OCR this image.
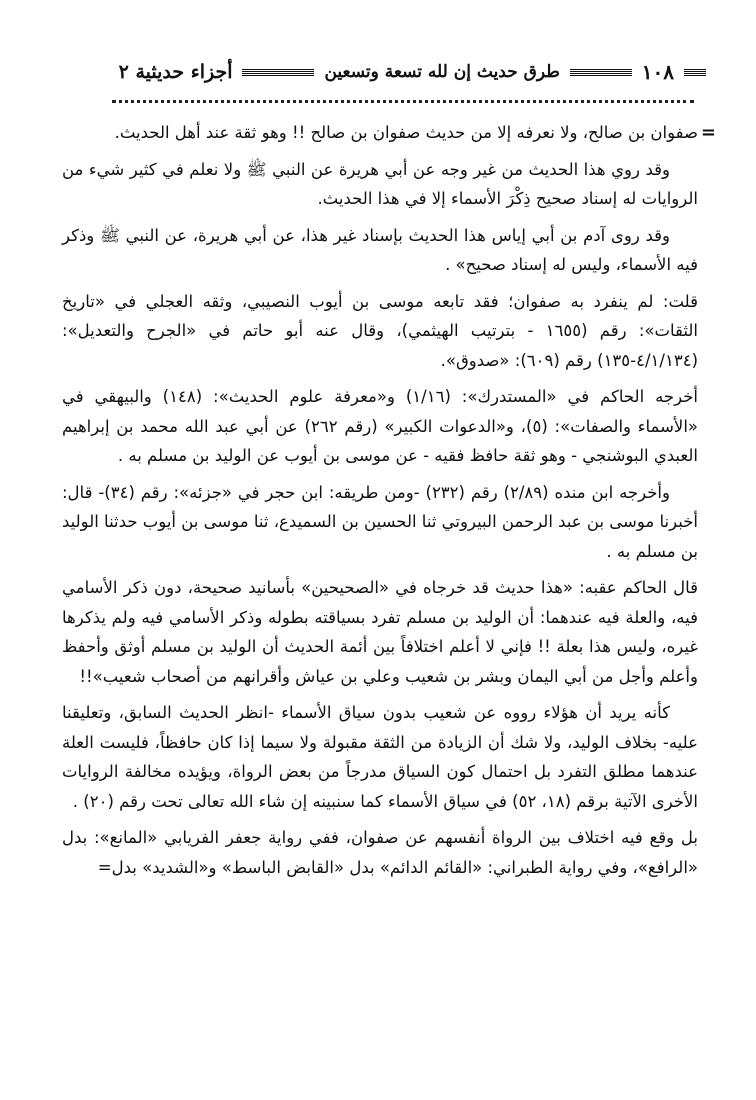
١٠٨
طرق حديث إن لله تسعة وتسعين
أجزاء حديثية ٢
=

صفوان بن صالح، ولا نعرفه إلا من حديث صفوان بن صالح !! وهو ثقة عند أهل الحديث.

وقد روي هذا الحديث من غير وجه عن أبي هريرة عن النبي ﷺ ولا نعلم في كثير شيء من الروايات له إسناد صحيح ذِكْرَ الأسماء إلا في هذا الحديث.

وقد روى آدم بن أبي إياس هذا الحديث بإسناد غير هذا، عن أبي هريرة، عن النبي ﷺ وذكر فيه الأسماء، وليس له إسناد صحيح» .

قلت: لم ينفرد به صفوان؛ فقد تابعه موسى بن أيوب النصيبي، وثقه العجلي في «تاريخ الثقات»: رقم (١٦٥٥ - بترتيب الهيثمي)، وقال عنه أبو حاتم في «الجرح والتعديل»: (٤/١/١٣٤-١٣٥) رقم (٦٠٩): «صدوق».

أخرجه الحاكم في «المستدرك»: (١/١٦) و«معرفة علوم الحديث»: (١٤٨) والبيهقي في «الأسماء والصفات»: (٥)، و«الدعوات الكبير» (رقم ٢٦٢) عن أبي عبد الله محمد بن إبراهيم العبدي البوشنجي - وهو ثقة حافظ فقيه - عن موسى بن أيوب عن الوليد بن مسلم به .

وأخرجه ابن منده (٢/٨٩) رقم (٢٣٢) -ومن طريقه: ابن حجر في «جزئه»: رقم (٣٤)- قال: أخبرنا موسى بن عبد الرحمن البيروتي ثنا الحسين بن السميدع، ثنا موسى بن أيوب حدثنا الوليد بن مسلم به .

قال الحاكم عقبه: «هذا حديث قد خرجاه في «الصحيحين» بأسانيد صحيحة، دون ذكر الأسامي فيه، والعلة فيه عندهما: أن الوليد بن مسلم تفرد بسياقته بطوله وذكر الأسامي فيه ولم يذكرها غيره، وليس هذا بعلة !! فإني لا أعلم اختلافاً بين أئمة الحديث أن الوليد بن مسلم أوثق وأحفظ وأعلم وأجل من أبي اليمان وبشر بن شعيب وعلي بن عياش وأقرانهم من أصحاب شعيب»!!

كأنه يريد أن هؤلاء رووه عن شعيب بدون سياق الأسماء -انظر الحديث السابق، وتعليقنا عليه- بخلاف الوليد، ولا شك أن الزيادة من الثقة مقبولة ولا سيما إذا كان حافظاً، فليست العلة عندهما مطلق التفرد بل احتمال كون السياق مدرجاً من بعض الرواة، ويؤيده مخالفة الروايات الأخرى الآتية برقم (١٨، ٥٢) في سياق الأسماء كما سنبينه إن شاء الله تعالى تحت رقم (٢٠) .

بل وقع فيه اختلاف بين الرواة أنفسهم عن صفوان، ففي رواية جعفر الفريابي «المانع»: بدل «الرافع»، وفي رواية الطبراني: «القائم الدائم» بدل «القابض الباسط» و«الشديد» بدل=
